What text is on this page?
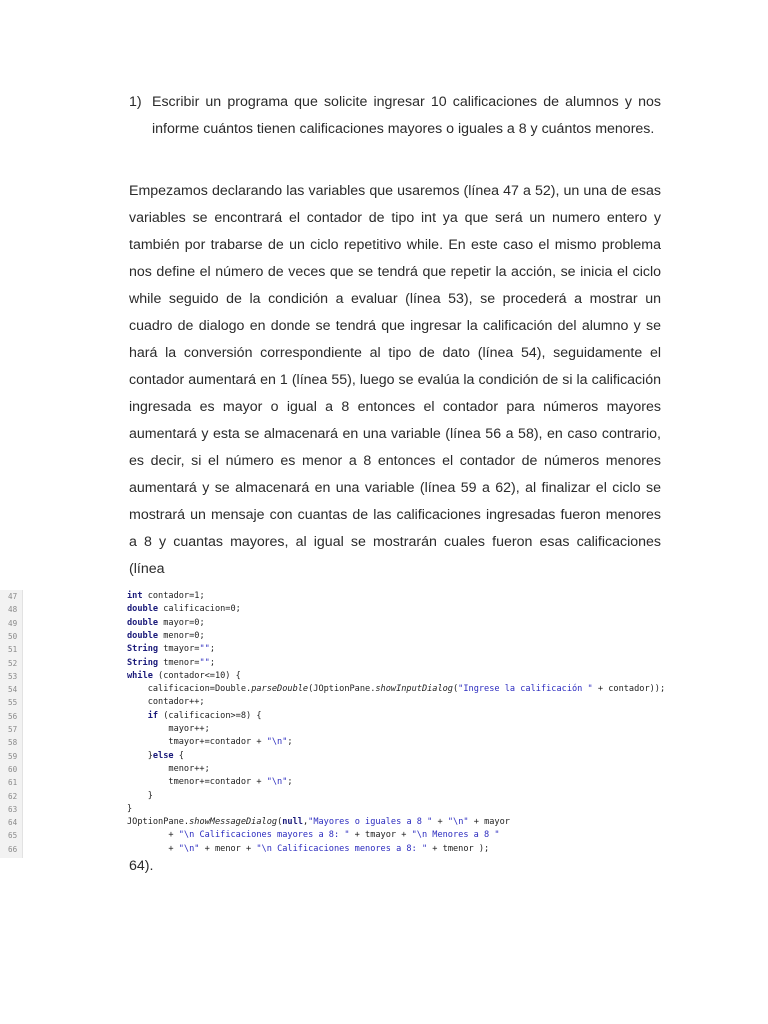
1) Escribir un programa que solicite ingresar 10 calificaciones de alumnos y nos informe cuántos tienen calificaciones mayores o iguales a 8 y cuántos menores.
Empezamos declarando las variables que usaremos (línea 47 a 52), un una de esas variables se encontrará el contador de tipo int ya que será un numero entero y también por trabarse de un ciclo repetitivo while. En este caso el mismo problema nos define el número de veces que se tendrá que repetir la acción, se inicia el ciclo while seguido de la condición a evaluar (línea 53), se procederá a mostrar un cuadro de dialogo en donde se tendrá que ingresar la calificación del alumno y se hará la conversión correspondiente al tipo de dato (línea 54), seguidamente el contador aumentará en 1 (línea 55), luego se evalúa la condición de si la calificación ingresada es mayor o igual a 8 entonces el contador para números mayores aumentará y esta se almacenará en una variable (línea 56 a 58), en caso contrario, es decir, si el número es menor a 8 entonces el contador de números menores aumentará y se almacenará en una variable (línea 59 a 62), al finalizar el ciclo se mostrará un mensaje con cuantas de las calificaciones ingresadas fueron menores a 8 y cuantas mayores, al igual se mostrarán cuales fueron esas calificaciones (línea
47	int contador=1;
48	double calificacion=0;
49	double mayor=0;
50	double menor=0;
51	String tmayor="";
52	String tmenor="";
53	while (contador<=10) {
54	calificacion=Double.parseDouble(JOptionPane.showInputDialog("Ingrese la calificación " + contador));
55	contador++;
56	if (calificacion>=8) {
57	mayor++;
58	tmayor+=contador + "\n";
59	}else {
60	menor++;
61	tmenor+=contador + "\n";
62	}
63	}
64	JOptionPane.showMessageDialog(null,"Mayores o iguales a 8 " + "\n" + mayor
65	+ "\n Calificaciones mayores a 8: " + tmayor + "\n Menores a 8 "
66	+ "\n" + menor + "\n Calificaciones menores a 8: " + tmenor );
64).
